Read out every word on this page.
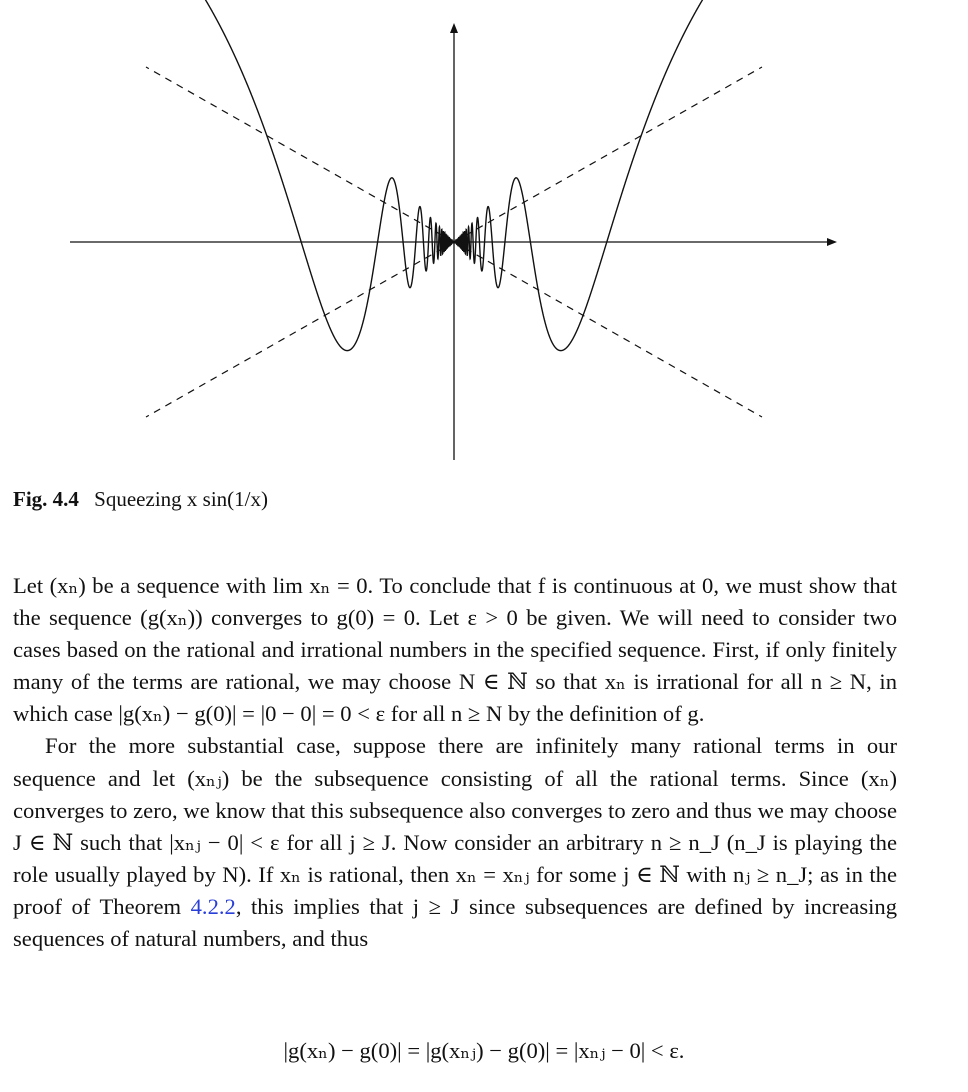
Fig. 4.4 Squeezing x sin(1/x)

Let (xₙ) be a sequence with lim xₙ = 0. To conclude that f is continuous at 0, we must show that the sequence (g(xₙ)) converges to g(0) = 0. Let ε > 0 be given. We will need to consider two cases based on the rational and irrational numbers in the specified sequence. First, if only finitely many of the terms are rational, we may choose N ∈ ℕ so that xₙ is irrational for all n ≥ N, in which case |g(xₙ) − g(0)| = |0 − 0| = 0 < ε for all n ≥ N by the definition of g.

For the more substantial case, suppose there are infinitely many rational terms in our sequence and let (xₙⱼ) be the subsequence consisting of all the rational terms. Since (xₙ) converges to zero, we know that this subsequence also converges to zero and thus we may choose J ∈ ℕ such that |xₙⱼ − 0| < ε for all j ≥ J. Now consider an arbitrary n ≥ n_J (n_J is playing the role usually played by N). If xₙ is rational, then xₙ = xₙⱼ for some j ∈ ℕ with nⱼ ≥ n_J; as in the proof of Theorem 4.2.2, this implies that j ≥ J since subsequences are defined by increasing sequences of natural numbers, and thus

|g(xₙ) − g(0)| = |g(xₙⱼ) − g(0)| = |xₙⱼ − 0| < ε.
